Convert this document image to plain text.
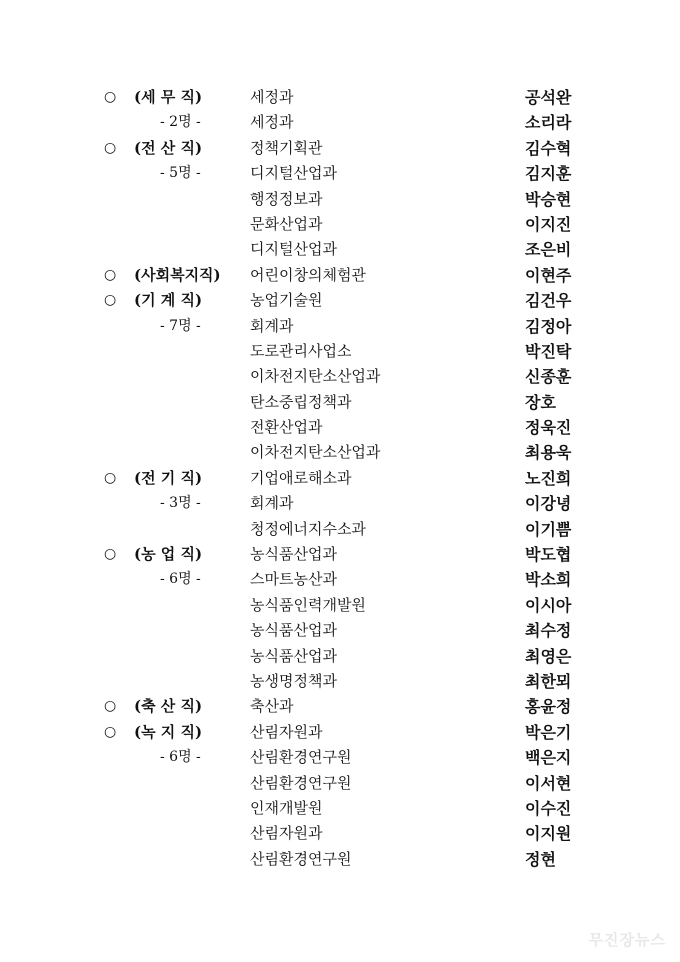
○ (세 무 직)	세정과	공석완
- 2명 -	세정과	소리라
○ (전 산 직)	정책기획관	김수혁
- 5명 -	디지털산업과	김지훈
행정정보과	박승현
문화산업과	이지진
디지털산업과	조은비
○ (사회복지직) 어린이창의체험관	이현주
○ (기 계 직)	농업기술원	김건우
- 7명 -	회계과	김정아
도로관리사업소	박진탁
이차전지탄소산업과	신종훈
탄소중립정책과	장호
전환산업과	정욱진
이차전지탄소산업과	최용욱
○ (전 기 직)	기업애로해소과	노진희
- 3명 -	회계과	이강녕
청정에너지수소과	이기쁨
○ (농 업 직)	농식품산업과	박도협
- 6명 -	스마트농산과	박소희
농식품인력개발원	이시아
농식품산업과	최수정
농식품산업과	최영은
농생명정책과	최한뫼
○ (축 산 직)	축산과	홍윤정
○ (녹 지 직)	산림자원과	박은기
- 6명 -	산림환경연구원	백은지
산림환경연구원	이서현
인재개발원	이수진
산림자원과	이지원
산림환경연구원	정현
무진장뉴스
